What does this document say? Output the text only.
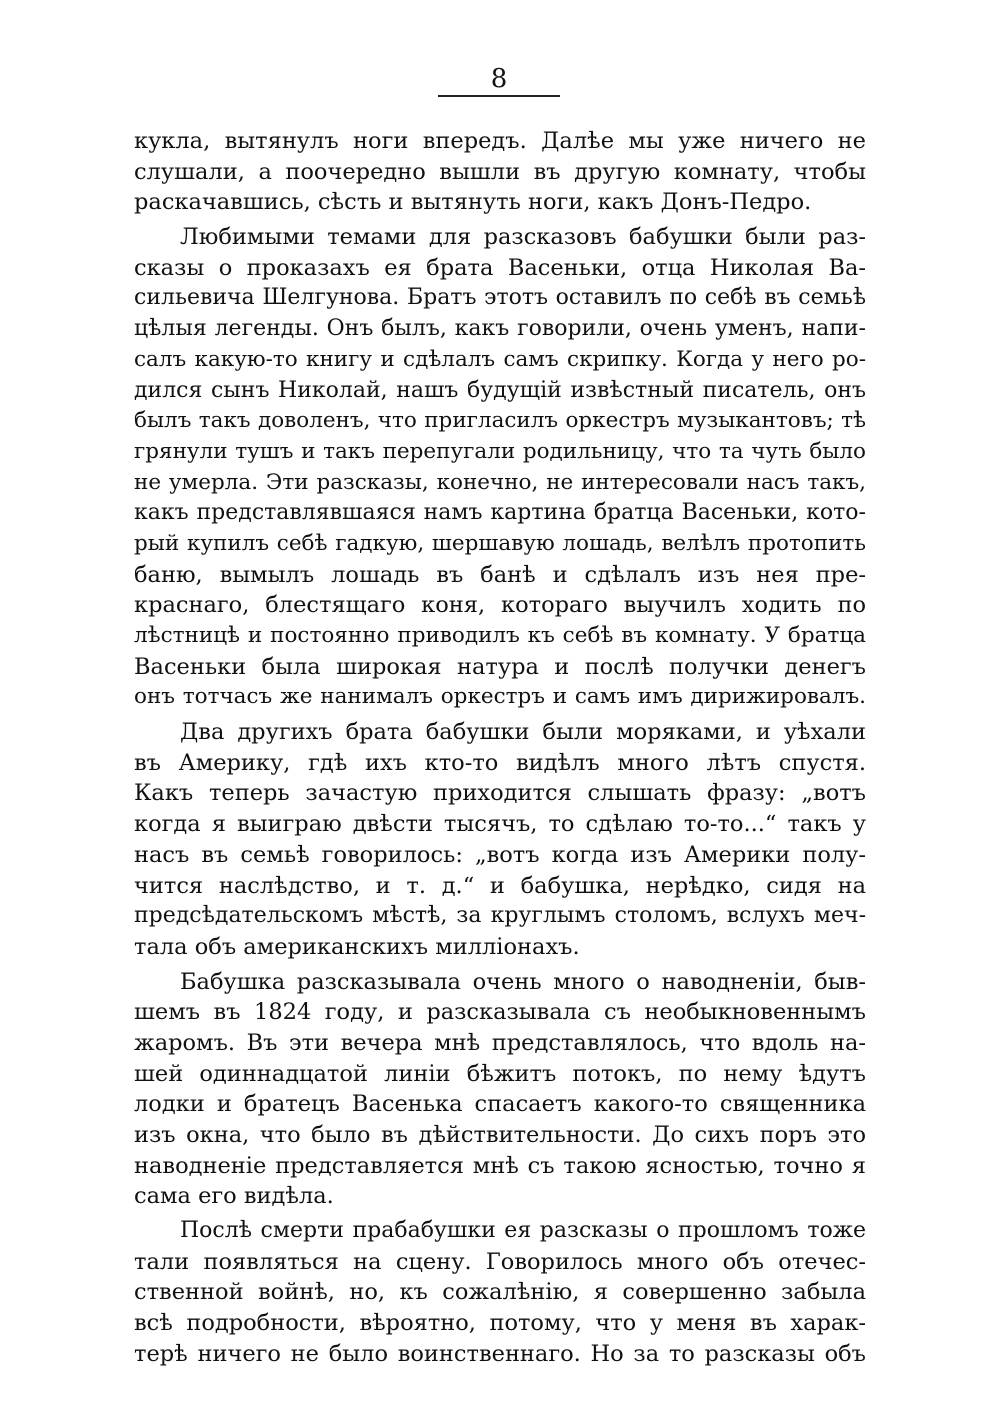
8
кукла, вытянулъ ноги впередъ. Далѣе мы уже ничего не
слушали, а поочередно вышли въ другую комнату, чтобы
раскачавшись, сѣсть и вытянуть ноги, какъ Донъ-Педро.
Любимыми темами для разсказовъ бабушки были раз-
сказы о проказахъ ея брата Васеньки, отца Николая Ва-
сильевича Шелгунова. Братъ этотъ оставилъ по себѣ въ семьѣ
цѣлыя легенды. Онъ былъ, какъ говорили, очень уменъ, напи-
салъ какую-то книгу и сдѣлалъ самъ скрипку. Когда у него ро-
дился сынъ Николай, нашъ будущій извѣстный писатель, онъ
былъ такъ доволенъ, что пригласилъ оркестръ музыкантовъ; тѣ
грянули тушъ и такъ перепугали родильницу, что та чуть было
не умерла. Эти разсказы, конечно, не интересовали насъ такъ,
какъ представлявшаяся намъ картина братца Васеньки, кото-
рый купилъ себѣ гадкую, шершавую лошадь, велѣлъ протопить
баню, вымылъ лошадь въ банѣ и сдѣлалъ изъ нея пре-
краснаго, блестящаго коня, котораго выучилъ ходить по
лѣстницѣ и постоянно приводилъ къ себѣ въ комнату. У братца
Васеньки была широкая натура и послѣ получки денегъ
онъ тотчасъ же нанималъ оркестръ и самъ имъ дирижировалъ.
Два другихъ брата бабушки были моряками, и уѣхали
въ Америку, гдѣ ихъ кто-то видѣлъ много лѣтъ спустя.
Какъ теперь зачастую приходится слышать фразу: „вотъ
когда я выиграю двѣсти тысячъ, то сдѣлаю то-то...“ такъ у
насъ въ семьѣ говорилось: „вотъ когда изъ Америки полу-
чится наслѣдство, и т. д.“ и бабушка, нерѣдко, сидя на
предсѣдательскомъ мѣстѣ, за круглымъ столомъ, вслухъ меч-
тала объ американскихъ милліонахъ.
Бабушка разсказывала очень много о наводненіи, быв-
шемъ въ 1824 году, и разсказывала съ необыкновеннымъ
жаромъ. Въ эти вечера мнѣ представлялось, что вдоль на-
шей одиннадцатой линіи бѣжитъ потокъ, по нему ѣдутъ
лодки и братецъ Васенька спасаетъ какого-то священника
изъ окна, что было въ дѣйствительности. До сихъ поръ это
наводненіе представляется мнѣ съ такою ясностью, точно я
сама его видѣла.
Послѣ смерти прабабушки ея разсказы о прошломъ тоже
тали появляться на сцену. Говорилось много объ отечес-
ственной войнѣ, но, къ сожалѣнію, я совершенно забыла
всѣ подробности, вѣроятно, потому, что у меня въ харак-
терѣ ничего не было воинственнаго. Но за то разсказы объ
